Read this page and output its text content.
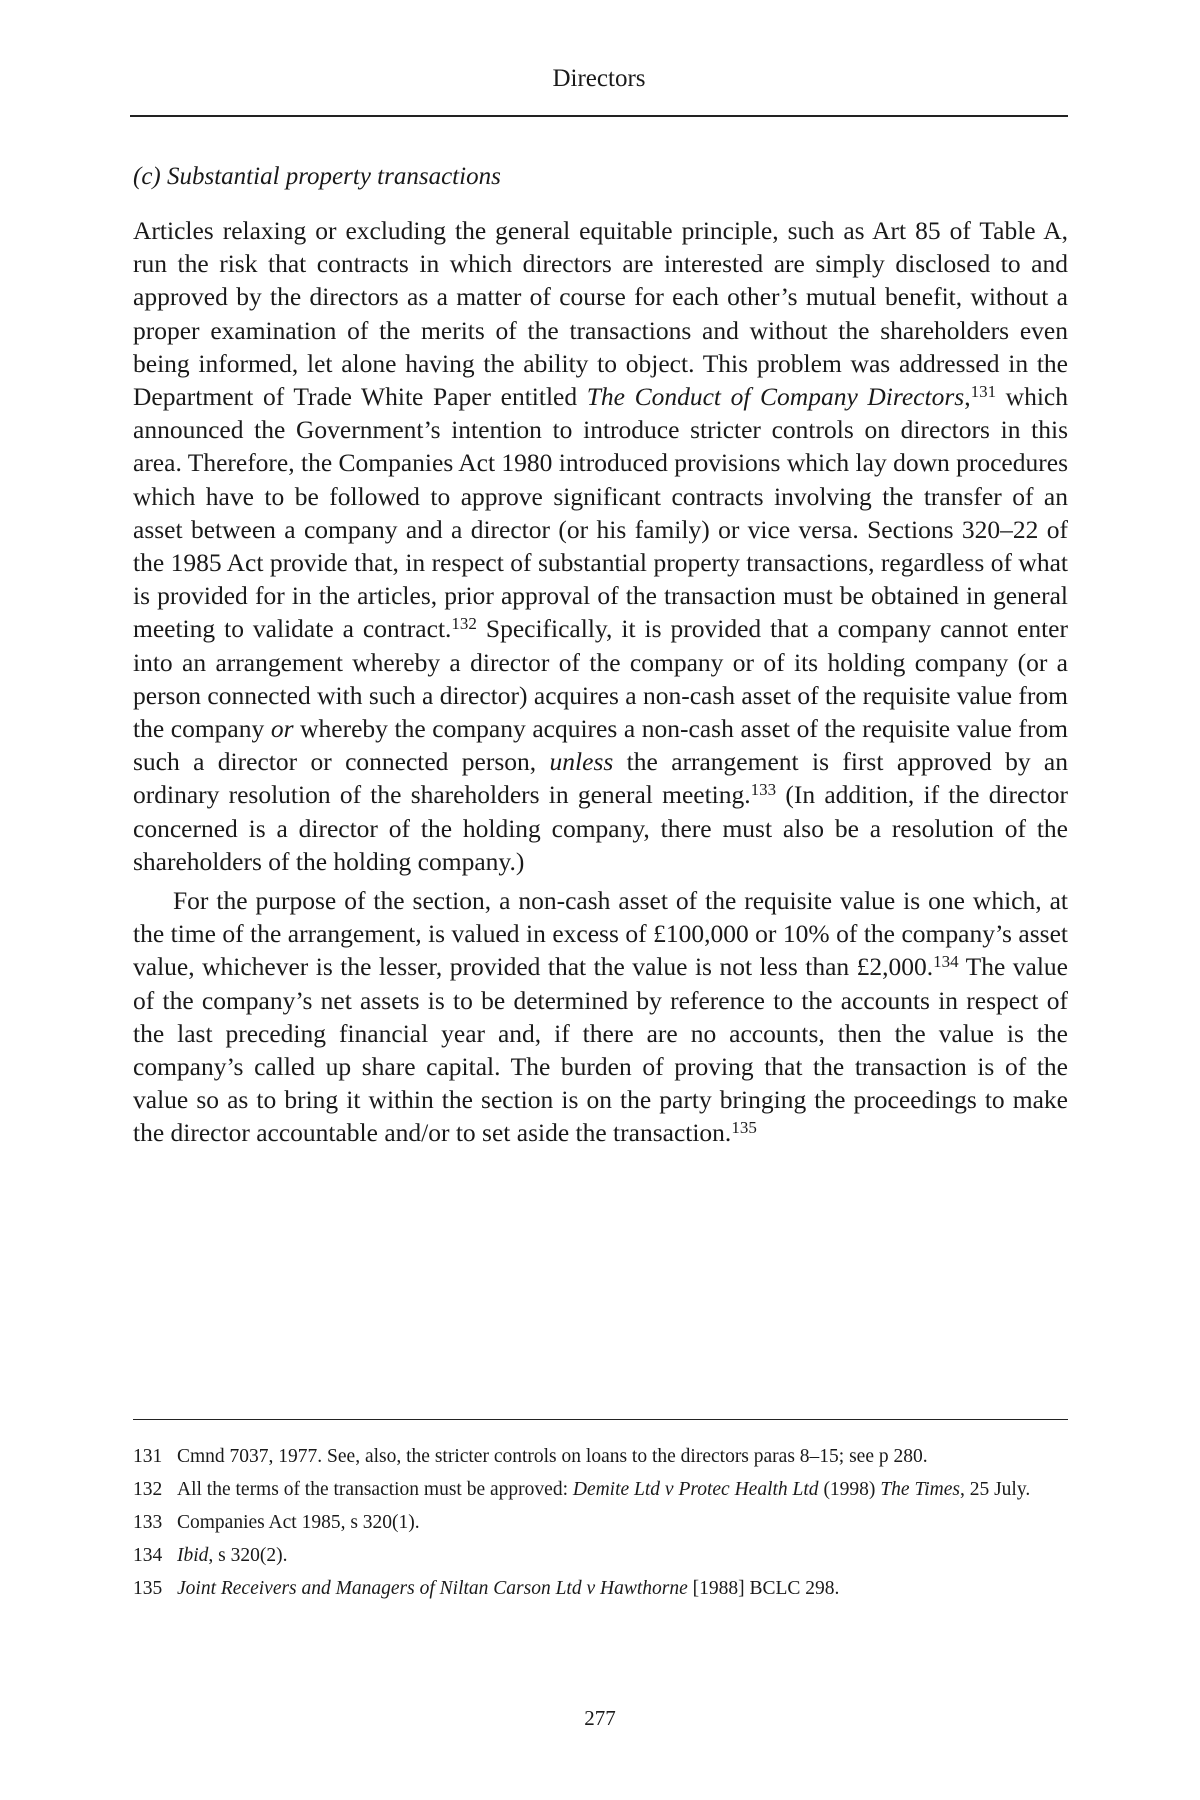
Directors
(c) Substantial property transactions

Articles relaxing or excluding the general equitable principle, such as Art 85 of Table A, run the risk that contracts in which directors are interested are simply disclosed to and approved by the directors as a matter of course for each other’s mutual benefit, without a proper examination of the merits of the transactions and without the shareholders even being informed, let alone having the ability to object. This problem was addressed in the Department of Trade White Paper entitled The Conduct of Company Directors,$^{131}$ which announced the Government’s intention to introduce stricter controls on directors in this area. Therefore, the Companies Act 1980 introduced provisions which lay down procedures which have to be followed to approve significant contracts involving the transfer of an asset between a company and a director (or his family) or vice versa. Sections 320–22 of the 1985 Act provide that, in respect of substantial property transactions, regardless of what is provided for in the articles, prior approval of the transaction must be obtained in general meeting to validate a contract.$^{132}$ Specifically, it is provided that a company cannot enter into an arrangement whereby a director of the company or of its holding company (or a person connected with such a director) acquires a non-cash asset of the requisite value from the company or whereby the company acquires a non-cash asset of the requisite value from such a director or connected person, unless the arrangement is first approved by an ordinary resolution of the shareholders in general meeting.$^{133}$ (In addition, if the director concerned is a director of the holding company, there must also be a resolution of the shareholders of the holding company.)

For the purpose of the section, a non-cash asset of the requisite value is one which, at the time of the arrangement, is valued in excess of £100,000 or 10% of the company’s asset value, whichever is the lesser, provided that the value is not less than £2,000.$^{134}$ The value of the company’s net assets is to be determined by reference to the accounts in respect of the last preceding financial year and, if there are no accounts, then the value is the company’s called up share capital. The burden of proving that the transaction is of the value so as to bring it within the section is on the party bringing the proceedings to make the director accountable and/or to set aside the transaction.$^{135}$

131 Cmnd 7037, 1977. See, also, the stricter controls on loans to the directors paras 8–15; see p 280.
132 All the terms of the transaction must be approved: Demite Ltd v Protec Health Ltd (1998) The Times, 25 July.
133 Companies Act 1985, s 320(1).
134 Ibid, s 320(2).
135 Joint Receivers and Managers of Niltan Carson Ltd v Hawthorne [1988] BCLC 298.
277
